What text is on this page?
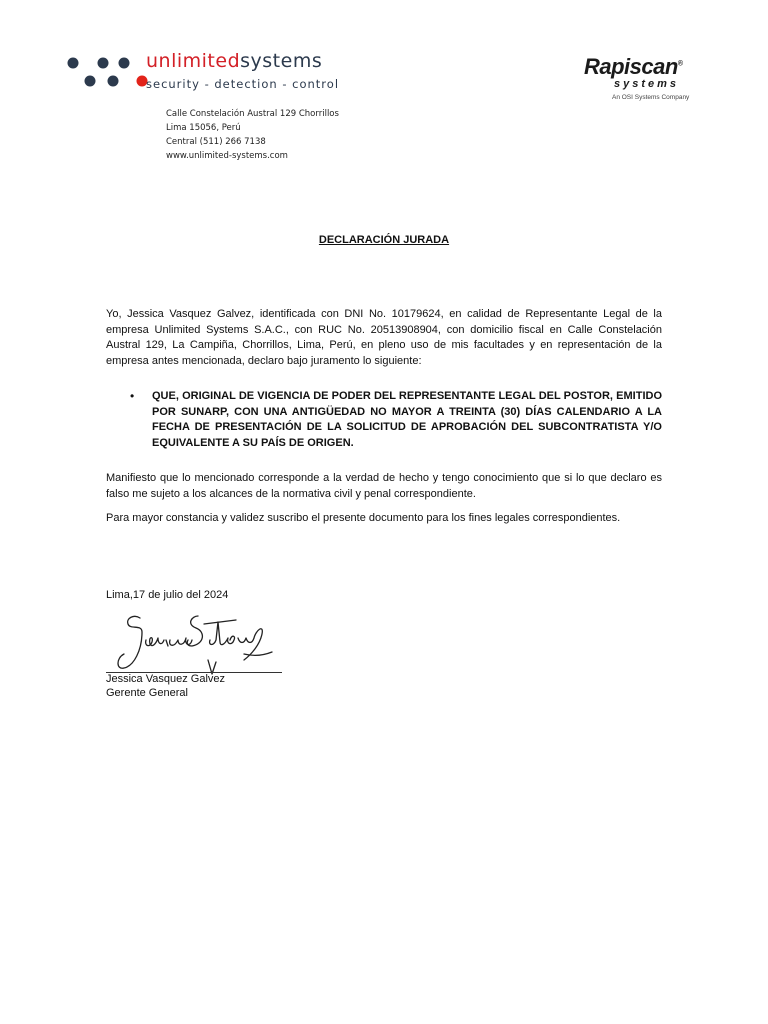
unlimitedsystems
security - detection - control
Rapiscan®
systems
An OSI Systems Company
Calle Constelación Austral 129 Chorrillos
Lima 15056, Perú
Central (511) 266 7138
www.unlimited-systems.com
DECLARACIÓN JURADA
Yo, Jessica Vasquez Galvez, identificada con DNI No. 10179624, en calidad de Representante Legal de la empresa Unlimited Systems S.A.C., con RUC No. 20513908904, con domicilio fiscal en Calle Constelación Austral 129, La Campiña, Chorrillos, Lima, Perú, en pleno uso de mis facultades y en representación de la empresa antes mencionada, declaro bajo juramento lo siguiente:
• QUE, ORIGINAL DE VIGENCIA DE PODER DEL REPRESENTANTE LEGAL DEL POSTOR, EMITIDO POR SUNARP, CON UNA ANTIGÜEDAD NO MAYOR A TREINTA (30) DÍAS CALENDARIO A LA FECHA DE PRESENTACIÓN DE LA SOLICITUD DE APROBACIÓN DEL SUBCONTRATISTA Y/O EQUIVALENTE A SU PAÍS DE ORIGEN.
Manifiesto que lo mencionado corresponde a la verdad de hecho y tengo conocimiento que si lo que declaro es falso me sujeto a los alcances de la normativa civil y penal correspondiente.
Para mayor constancia y validez suscribo el presente documento para los fines legales correspondientes.
Lima,17 de julio del 2024
Jessica Vasquez Galvez
Gerente General
